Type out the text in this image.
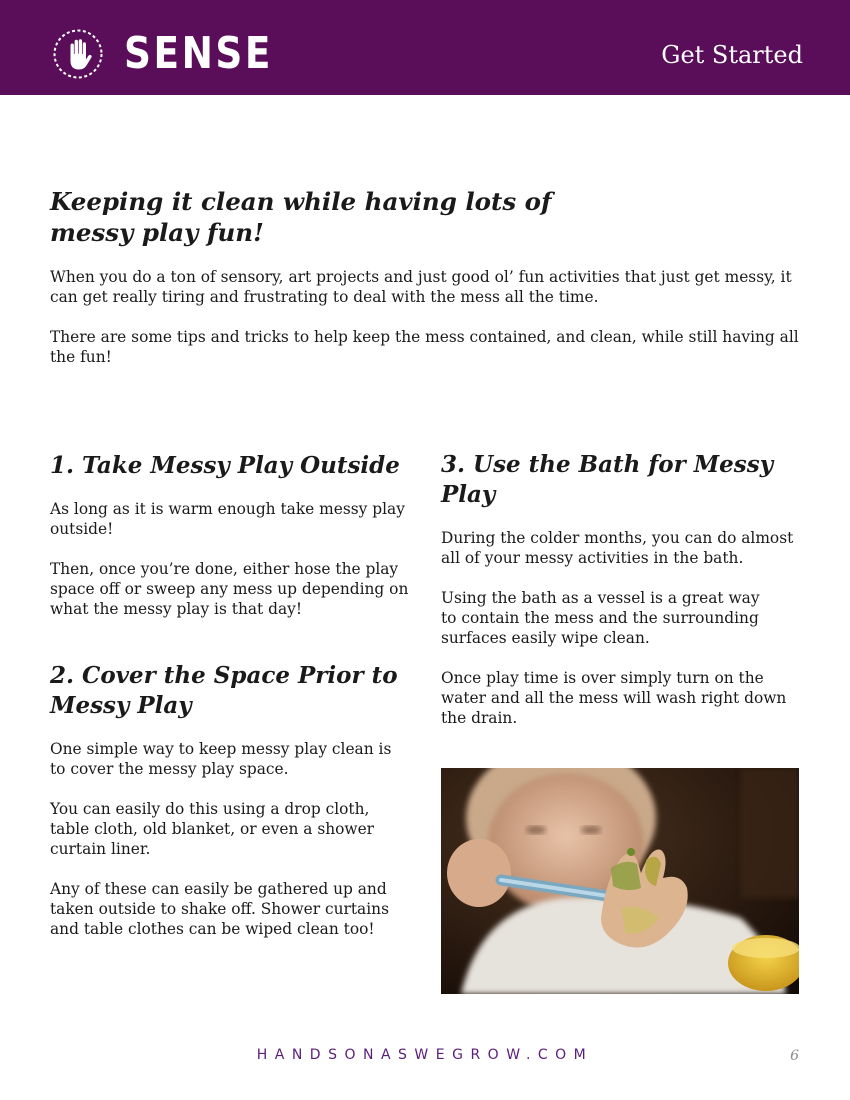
SENSE	Get Started
Keeping it clean while having lots of messy play fun!

When you do a ton of sensory, art projects and just good ol’ fun activities that just get messy, it can get really tiring and frustrating to deal with the mess all the time.

There are some tips and tricks to help keep the mess contained, and clean, while still having all the fun!

1. Take Messy Play Outside

As long as it is warm enough take messy play outside!

Then, once you’re done, either hose the play space off or sweep any mess up depending on what the messy play is that day!

2. Cover the Space Prior to Messy Play

One simple way to keep messy play clean is to cover the messy play space.

You can easily do this using a drop cloth, table cloth, old blanket, or even a shower curtain liner.

Any of these can easily be gathered up and taken outside to shake off. Shower curtains and table clothes can be wiped clean too!

3. Use the Bath for Messy Play

During the colder months, you can do almost all of your messy activities in the bath.

Using the bath as a vessel is a great way to contain the mess and the surrounding surfaces easily wipe clean.

Once play time is over simply turn on the water and all the mess will wash right down the drain.

HANDSONASWEGROW.COM	6
